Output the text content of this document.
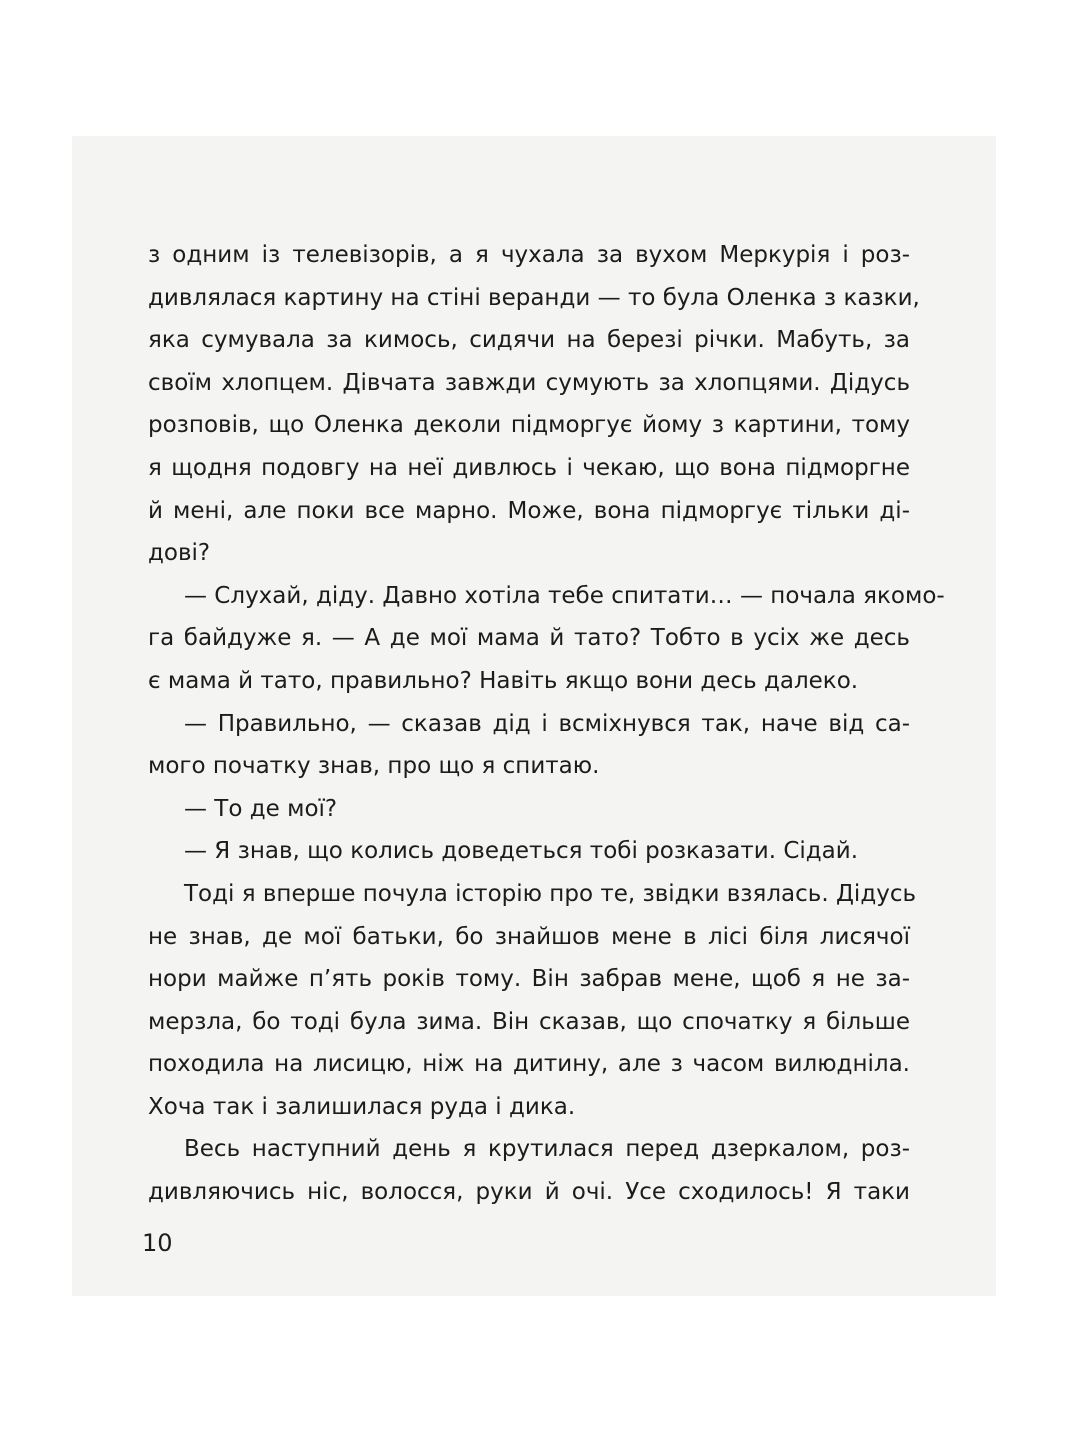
з одним із телевізорів, а я чухала за вухом Меркурія і роз-
дивлялася картину на стіні веранди — то була Оленка з казки,
яка сумувала за кимось, сидячи на березі річки. Мабуть, за
своїм хлопцем. Дівчата завжди сумують за хлопцями. Дідусь
розповів, що Оленка деколи підморгує йому з картини, тому
я щодня подовгу на неї дивлюсь і чекаю, що вона підморгне
й мені, але поки все марно. Може, вона підморгує тільки ді-
дові?
— Слухай, діду. Давно хотіла тебе спитати… — почала якомо-
га байдуже я. — А де мої мама й тато? Тобто в усіх же десь
є мама й тато, правильно? Навіть якщо вони десь далеко.
— Правильно, — сказав дід і всміхнувся так, наче від са-
мого початку знав, про що я спитаю.
— То де мої?
— Я знав, що колись доведеться тобі розказати. Сідай.
Тоді я вперше почула історію про те, звідки взялась. Дідусь
не знав, де мої батьки, бо знайшов мене в лісі біля лисячої
нори майже п’ять років тому. Він забрав мене, щоб я не за-
мерзла, бо тоді була зима. Він сказав, що спочатку я більше
походила на лисицю, ніж на дитину, але з часом вилюдніла.
Хоча так і залишилася руда і дика.
Весь наступний день я крутилася перед дзеркалом, роз-
дивляючись ніс, волосся, руки й очі. Усе сходилось! Я таки
10
